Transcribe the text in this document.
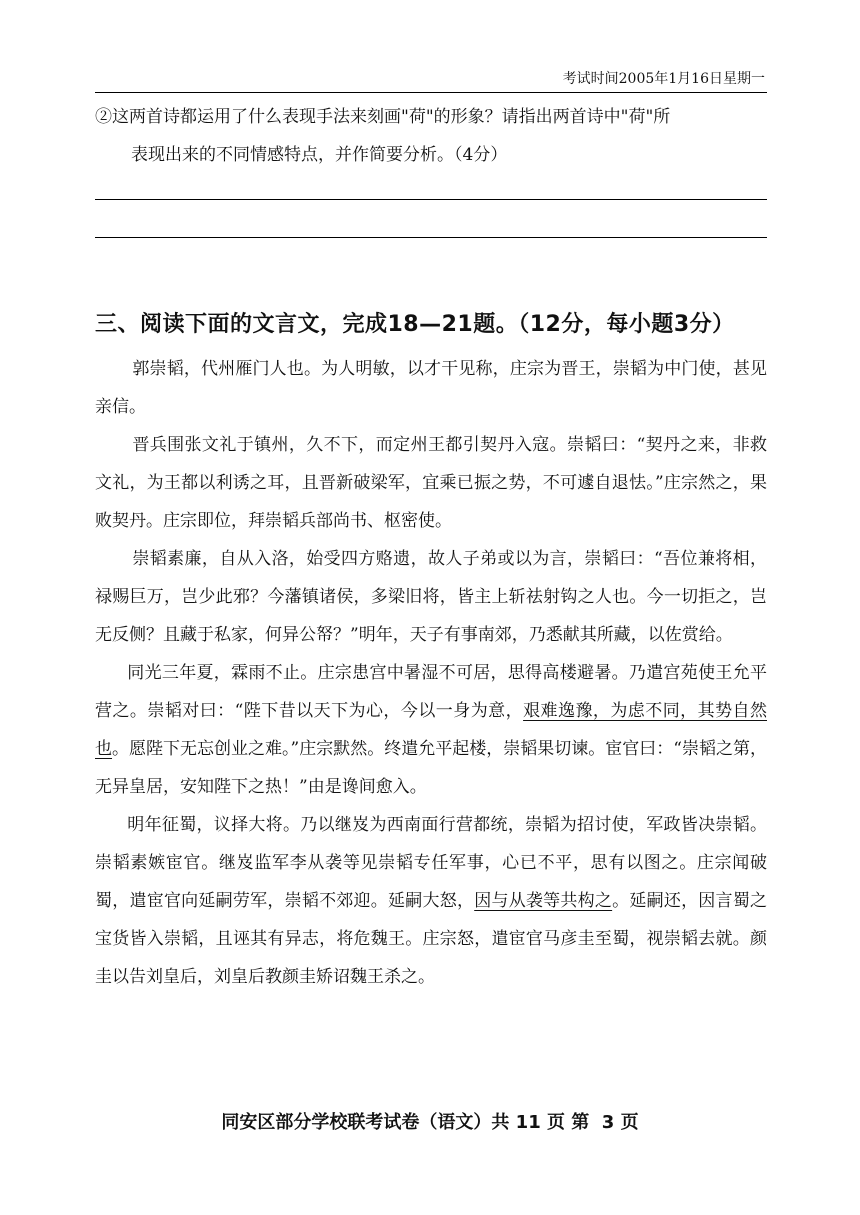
考试时间2005年1月16日星期一
②这两首诗都运用了什么表现手法来刻画"荷"的形象？请指出两首诗中"荷"所
表现出来的不同情感特点，并作简要分析。（4分）
三、阅读下面的文言文，完成18—21题。（12分，每小题3分）

郭崇韬，代州雁门人也。为人明敏，以才干见称，庄宗为晋王，崇韬为中门使，甚见亲信。

晋兵围张文礼于镇州，久不下，而定州王都引契丹入寇。崇韬曰：“契丹之来，非救文礼，为王都以利诱之耳，且晋新破梁军，宜乘已振之势，不可遽自退怯。”庄宗然之，果败契丹。庄宗即位，拜崇韬兵部尚书、枢密使。

崇韬素廉，自从入洛，始受四方赂遗，故人子弟或以为言，崇韬曰：“吾位兼将相，禄赐巨万，岂少此邪？今藩镇诸侯，多梁旧将，皆主上斩祛射钩之人也。今一切拒之，岂无反侧？且藏于私家，何异公帑？”明年，天子有事南郊，乃悉献其所藏，以佐赏给。

同光三年夏，霖雨不止。庄宗患宫中暑湿不可居，思得高楼避暑。乃遣宫苑使王允平营之。崇韬对曰：“陛下昔以天下为心，今以一身为意，艰难逸豫，为虑不同，其势自然也。愿陛下无忘创业之难。”庄宗默然。终遣允平起楼，崇韬果切谏。宦官曰：“崇韬之第，无异皇居，安知陛下之热！”由是谗间愈入。

明年征蜀，议择大将。乃以继岌为西南面行营都统，崇韬为招讨使，军政皆决崇韬。崇韬素嫉宦官。继岌监军李从袭等见崇韬专任军事，心已不平，思有以图之。庄宗闻破蜀，遣宦官向延嗣劳军，崇韬不郊迎。延嗣大怒，因与从袭等共构之。延嗣还，因言蜀之宝货皆入崇韬，且诬其有异志，将危魏王。庄宗怒，遣宦官马彦圭至蜀，视崇韬去就。颜圭以告刘皇后，刘皇后教颜圭矫诏魏王杀之。

同安区部分学校联考试卷（语文）共 11 页 第  3 页
